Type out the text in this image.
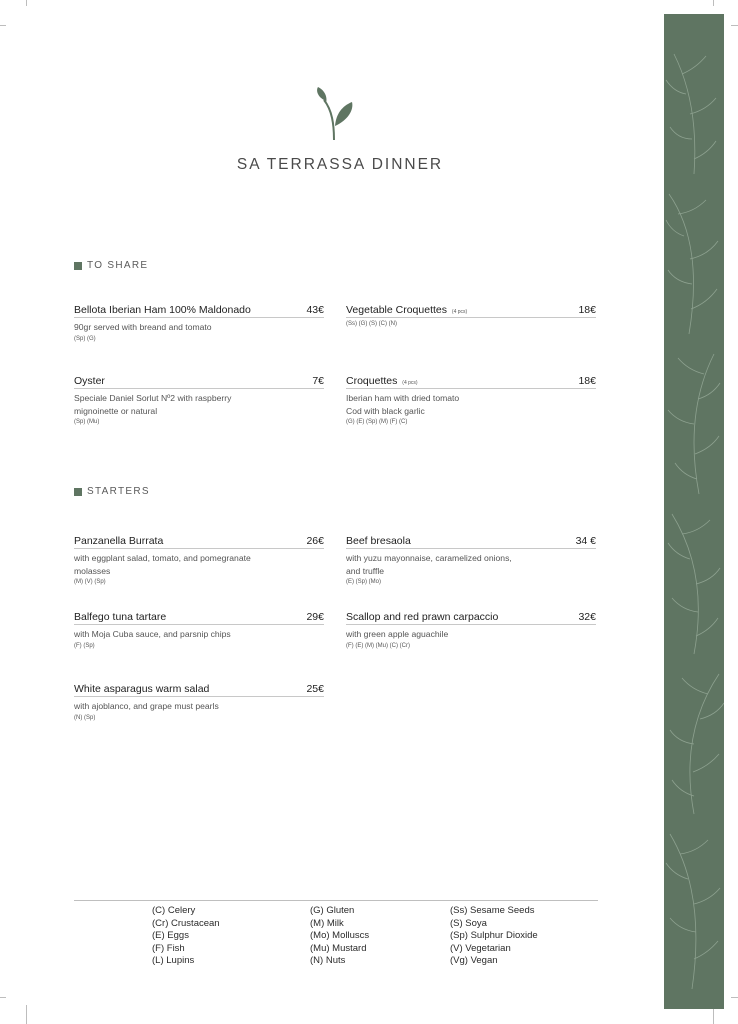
SA TERRASSA DINNER
TO SHARE
Bellota Iberian Ham 100% Maldonado	43€
90gr served with breand and tomato
(Sp) (G)
Vegetable Croquettes (4 pcs)	18€
(Ss) (G) (S) (C) (N)
Oyster	7€
Speciale Daniel Sorlut Nº2 with raspberry
mignoinette or natural
(Sp) (Mu)
Croquettes (4 pcs)	18€
Iberian ham with dried tomato
Cod with black garlic
(G) (E) (Sp) (M) (F) (C)
STARTERS
Panzanella Burrata	26€
with eggplant salad, tomato, and pomegranate
molasses
(M) (V) (Sp)
Beef bresaola	34 €
with yuzu mayonnaise, caramelized onions,
and truffle
(E) (Sp) (Mo)
Balfego tuna tartare	29€
with Moja Cuba sauce, and parsnip chips
(F) (Sp)
Scallop and red prawn carpaccio	32€
with green apple aguachile
(F) (E) (M) (Mu) (C) (Cr)
White asparagus warm salad	25€
with ajoblanco, and grape must pearls
(N) (Sp)
(C) Celery
(Cr) Crustacean
(E) Eggs
(F) Fish
(L) Lupins
(G) Gluten
(M) Milk
(Mo) Molluscs
(Mu) Mustard
(N) Nuts
(Ss) Sesame Seeds
(S) Soya
(Sp) Sulphur Dioxide
(V) Vegetarian
(Vg) Vegan
